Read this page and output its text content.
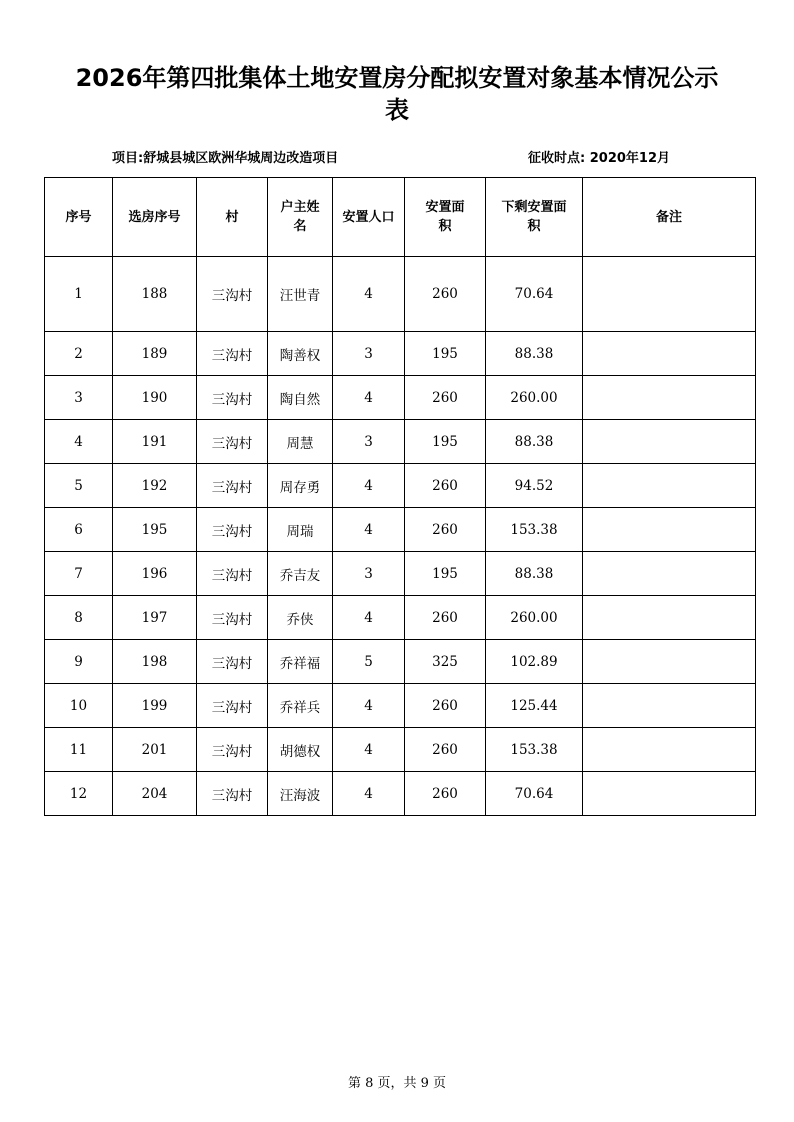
2026年第四批集体土地安置房分配拟安置对象基本情况公示
表
项目:舒城县城区欧洲华城周边改造项目	征收时点: 2020年12月
序号	选房序号	村	户主姓名	安置人口	安置面积	下剩安置面积	备注
1	188	三沟村	汪世青	4	260	70.64	
2	189	三沟村	陶善权	3	195	88.38	
3	190	三沟村	陶自然	4	260	260.00	
4	191	三沟村	周慧	3	195	88.38	
5	192	三沟村	周存勇	4	260	94.52	
6	195	三沟村	周瑞	4	260	153.38	
7	196	三沟村	乔吉友	3	195	88.38	
8	197	三沟村	乔侠	4	260	260.00	
9	198	三沟村	乔祥福	5	325	102.89	
10	199	三沟村	乔祥兵	4	260	125.44	
11	201	三沟村	胡德权	4	260	153.38	
12	204	三沟村	汪海波	4	260	70.64	
第 8 页，共 9 页
